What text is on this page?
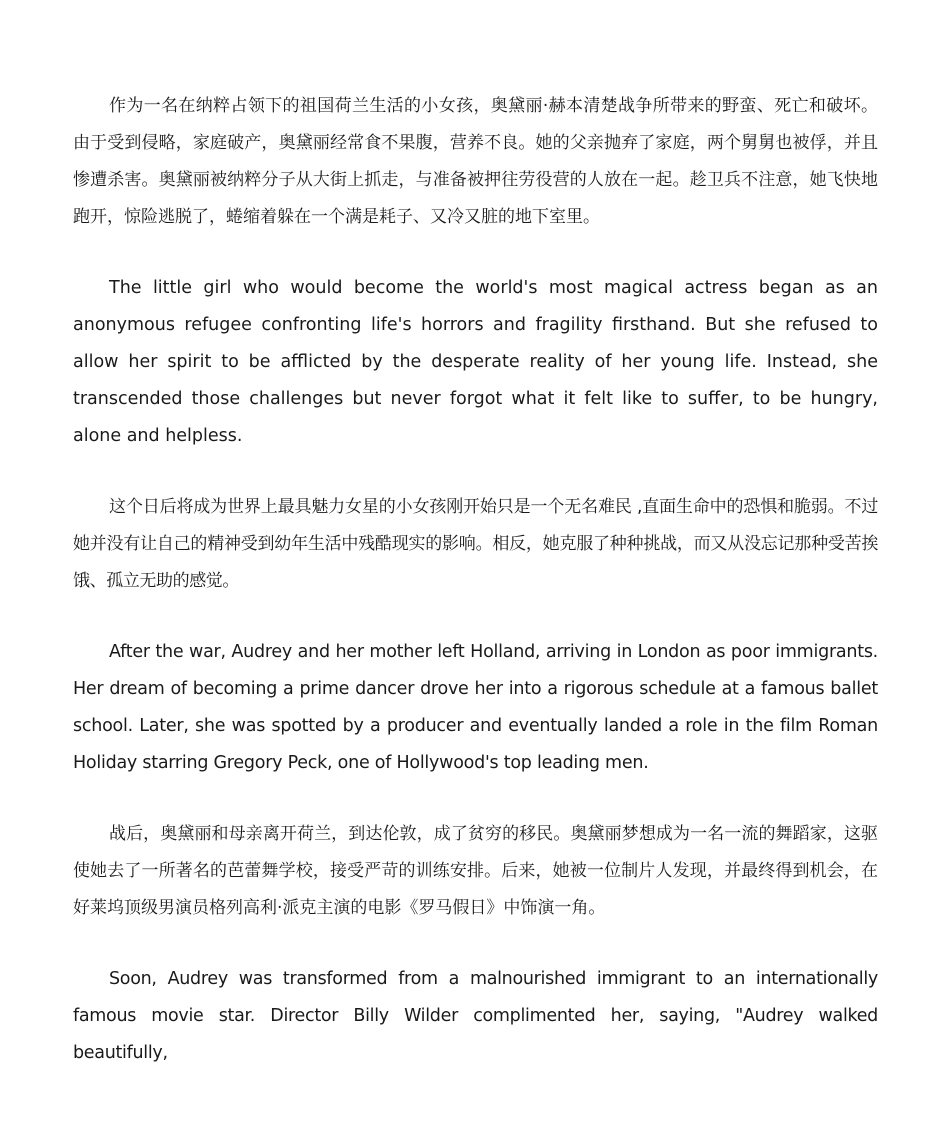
作为一名在纳粹占领下的祖国荷兰生活的小女孩，奥黛丽·赫本清楚战争所带来的野蛮、死亡和破坏。由于受到侵略，家庭破产，奥黛丽经常食不果腹，营养不良。她的父亲抛弃了家庭，两个舅舅也被俘，并且惨遭杀害。奥黛丽被纳粹分子从大街上抓走，与准备被押往劳役营的人放在一起。趁卫兵不注意，她飞快地跑开，惊险逃脱了，蜷缩着躲在一个满是耗子、又冷又脏的地下室里。

The little girl who would become the world's most magical actress began as an anonymous refugee confronting life's horrors and fragility firsthand. But she refused to allow her spirit to be afflicted by the desperate reality of her young life. Instead, she transcended those challenges but never forgot what it felt like to suffer, to be hungry, alone and helpless.

这个日后将成为世界上最具魅力女星的小女孩刚开始只是一个无名难民 ,直面生命中的恐惧和脆弱。不过她并没有让自己的精神受到幼年生活中残酷现实的影响。相反，她克服了种种挑战，而又从没忘记那种受苦挨饿、孤立无助的感觉。

After the war, Audrey and her mother left Holland, arriving in London as poor immigrants. Her dream of becoming a prime dancer drove her into a rigorous schedule at a famous ballet school. Later, she was spotted by a producer and eventually landed a role in the film Roman Holiday starring Gregory Peck, one of Hollywood's top leading men.

战后，奥黛丽和母亲离开荷兰，到达伦敦，成了贫穷的移民。奥黛丽梦想成为一名一流的舞蹈家，这驱使她去了一所著名的芭蕾舞学校，接受严苛的训练安排。后来，她被一位制片人发现，并最终得到机会，在好莱坞顶级男演员格列高利·派克主演的电影《罗马假日》中饰演一角。

Soon, Audrey was transformed from a malnourished immigrant to an internationally famous movie star. Director Billy Wilder complimented her, saying, "Audrey walked beautifully,
